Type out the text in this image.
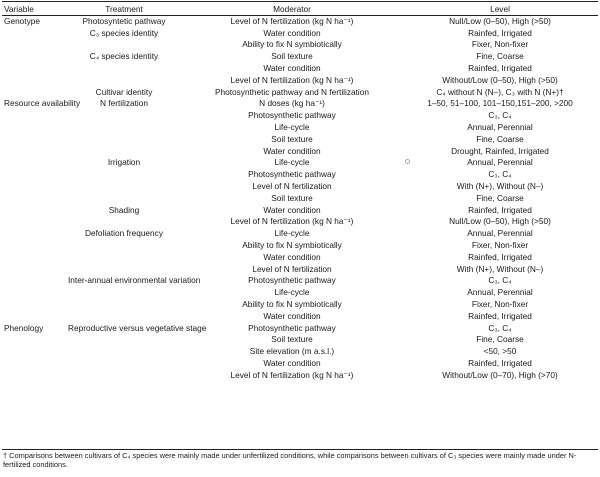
Variable	Treatment	Moderator	Level
Genotype	Photosyntetic pathway	Level of N fertilization (kg N ha⁻¹)	Null/Low (0–50), High (>50)
	C₃ species identity	Water condition	Rainfed, Irrigated
		Ability to fix N symbiotically	Fixer, Non-fixer
	C₄ species identity	Soil texture	Fine, Coarse
		Water condition	Rainfed, Irrigated
		Level of N fertilization (kg N ha⁻¹)	Without/Low (0–50), High (>50)
	Cultivar identity	Photosynthetic pathway and N fertilization	C₄ without N (N–), C₃ with N (N+)†
Resource availability	N fertilization	N doses (kg ha⁻¹)	1–50, 51–100, 101–150,151–200, >200
		Photosynthetic pathway	C₃, C₄
		Life-cycle	Annual, Perennial
		Soil texture	Fine, Coarse
		Water condition	Drought, Rainfed, Irrigated
	Irrigation	Life-cycle	Annual, Perennial
		Photosynthetic pathway	C₃, C₄
		Level of N fertilization	With (N+), Without (N–)
		Soil texture	Fine, Coarse
	Shading	Water condition	Rainfed, Irrigated
		Level of N fertilization (kg N ha⁻¹)	Null/Low (0–50), High (>50)
	Defoliation frequency	Life-cycle	Annual, Perennial
		Ability to fix N symbiotically	Fixer, Non-fixer
		Water condition	Rainfed, Irrigated
		Level of N fertilization	With (N+), Without (N–)
	Inter-annual environmental variation	Photosynthetic pathway	C₃, C₄
		Life-cycle	Annual, Perennial
		Ability to fix N symbiotically	Fixer, Non-fixer
		Water condition	Rainfed, Irrigated
Phenology	Reproductive versus vegetative stage	Photosynthetic pathway	C₃, C₄
		Soil texture	Fine, Coarse
		Site elevation (m a.s.l.)	<50, >50
		Water condition	Rainfed, Irrigated
		Level of N fertilization (kg N ha⁻¹)	Without/Low (0–70), High (>70)
† Comparisons between cultivars of C₄ species were mainly made under unfertilized conditions, while comparisons between cultivars of C₃ species were mainly made under N-fertilized conditions.
